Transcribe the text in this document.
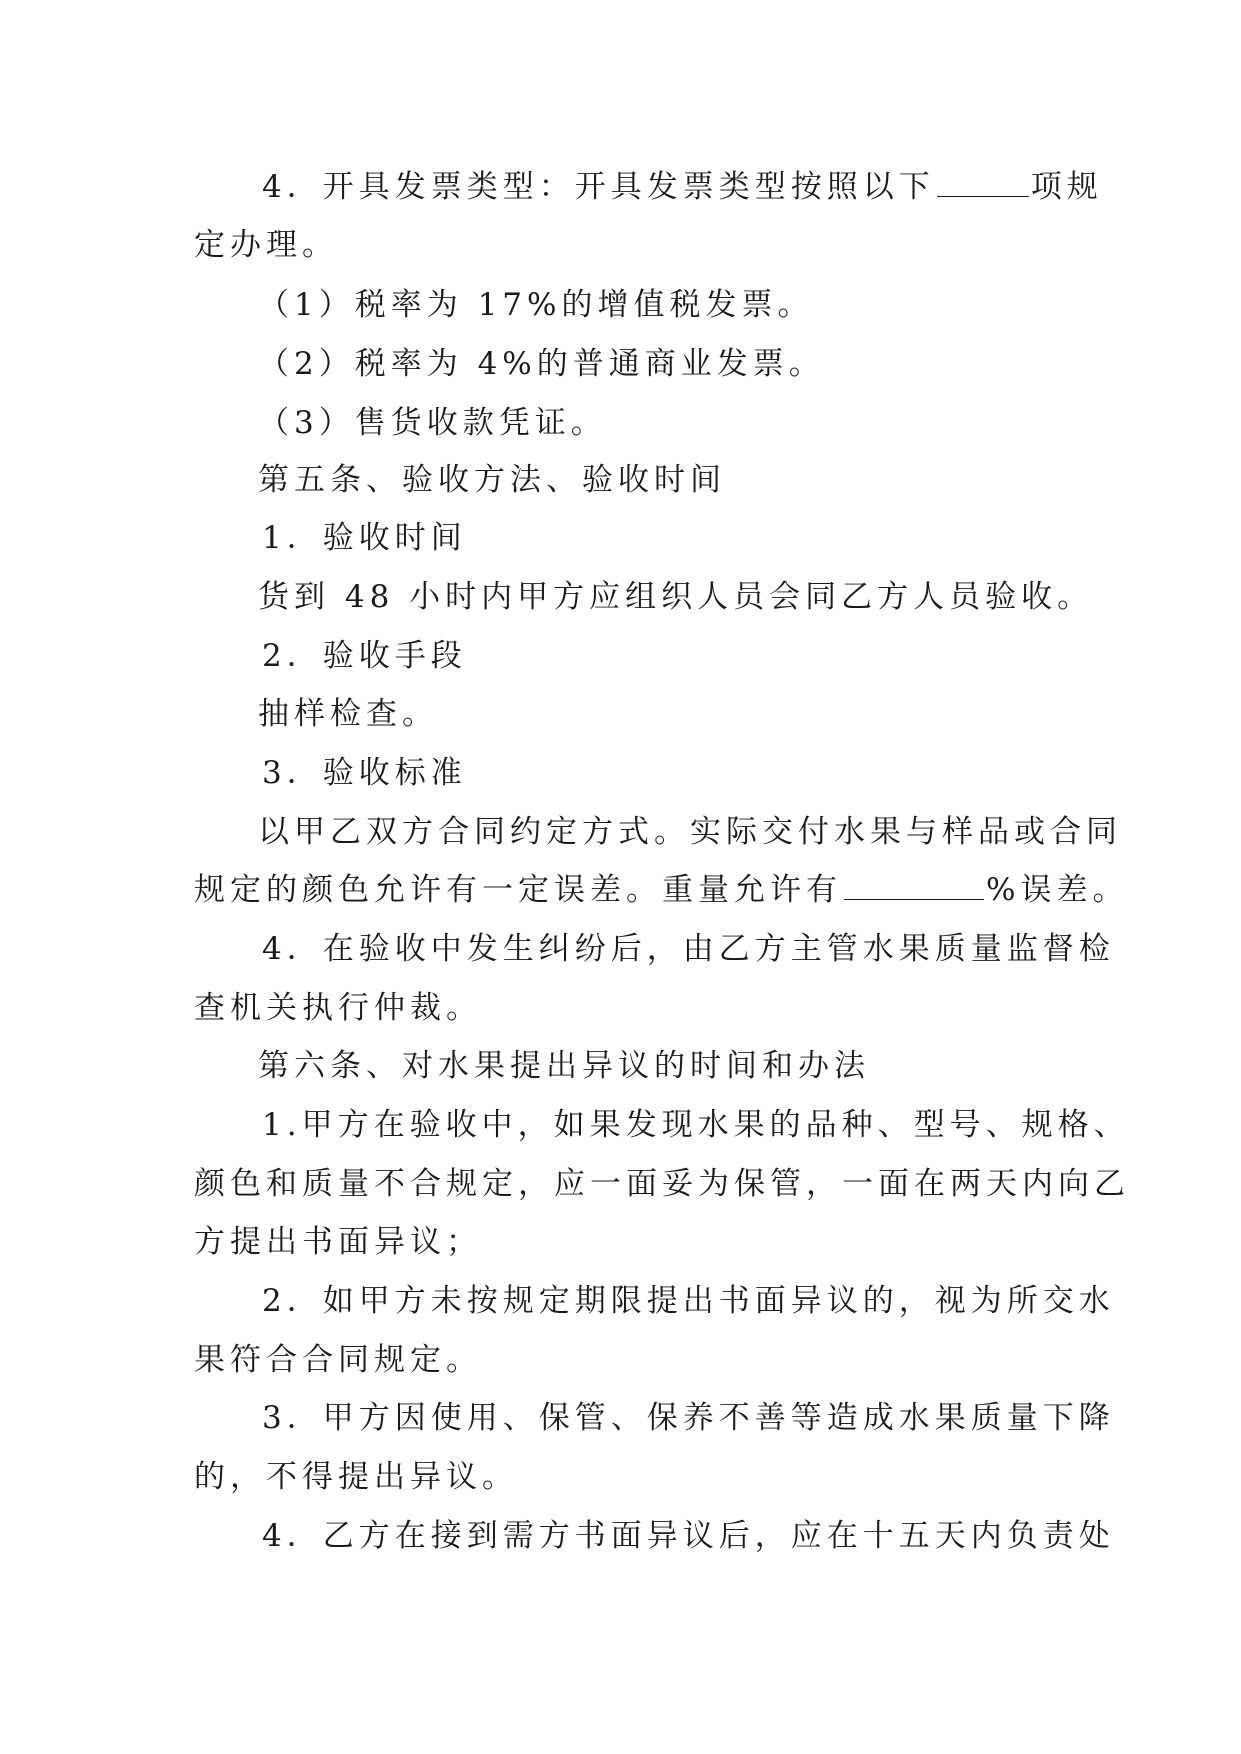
4．开具发票类型：开具发票类型按照以下	项规

定办理。

（1）税率为 17%的增值税发票。

（2）税率为 4%的普通商业发票。

（3）售货收款凭证。

第五条、验收方法、验收时间

1．验收时间

货到 48 小时内甲方应组织人员会同乙方人员验收。

2．验收手段

抽样检查。

3．验收标准

以甲乙双方合同约定方式。实际交付水果与样品或合同

规定的颜色允许有一定误差。重量允许有	%误差。

4．在验收中发生纠纷后，由乙方主管水果质量监督检

查机关执行仲裁。

第六条、对水果提出异议的时间和办法

1.甲方在验收中，如果发现水果的品种、型号、规格、

颜色和质量不合规定，应一面妥为保管，一面在两天内向乙

方提出书面异议；

2．如甲方未按规定期限提出书面异议的，视为所交水

果符合合同规定。

3．甲方因使用、保管、保养不善等造成水果质量下降

的，不得提出异议。

4．乙方在接到需方书面异议后，应在十五天内负责处
